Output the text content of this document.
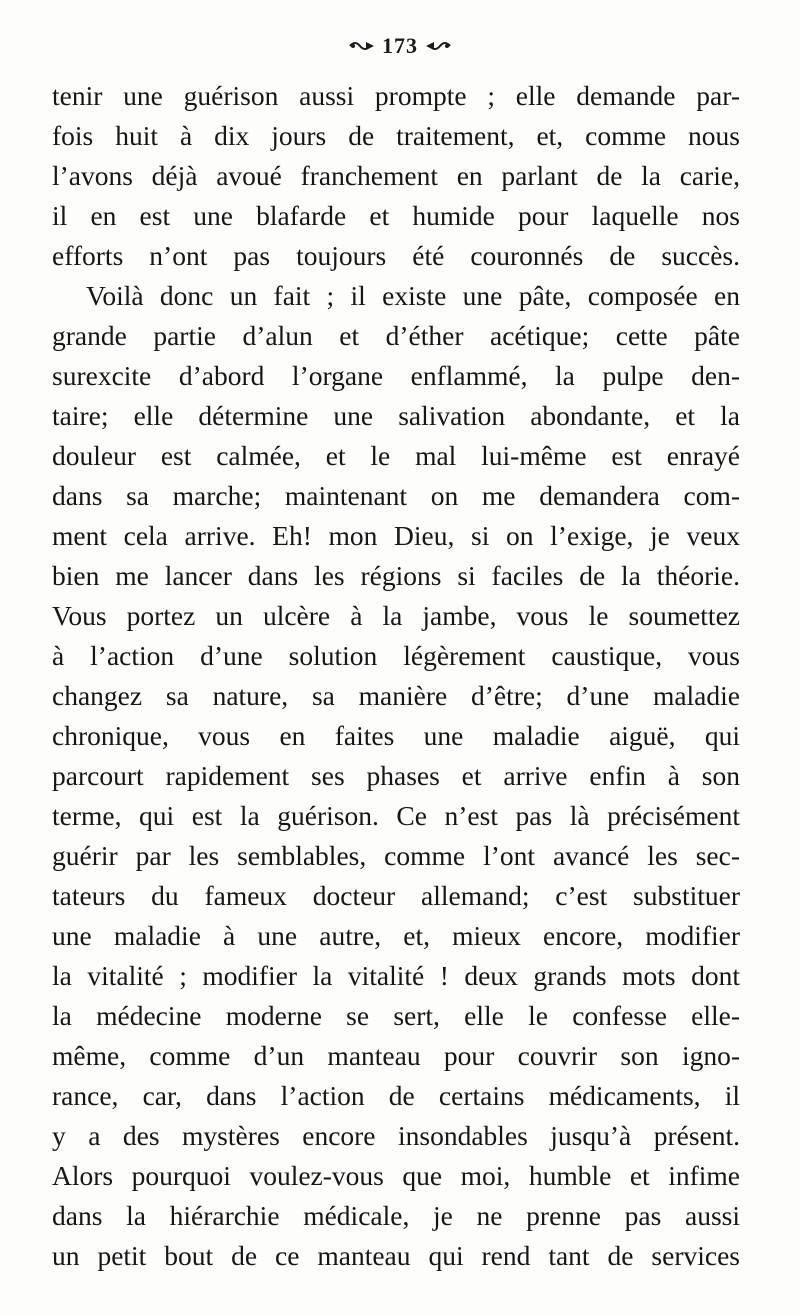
173
tenir une guérison aussi prompte ; elle demande par-
fois huit à dix jours de traitement, et, comme nous
l’avons déjà avoué franchement en parlant de la carie,
il en est une blafarde et humide pour laquelle nos
efforts n’ont pas toujours été couronnés de succès.
Voilà donc un fait ; il existe une pâte, composée en
grande partie d’alun et d’éther acétique; cette pâte
surexcite d’abord l’organe enflammé, la pulpe den-
taire; elle détermine une salivation abondante, et la
douleur est calmée, et le mal lui-même est enrayé
dans sa marche; maintenant on me demandera com-
ment cela arrive. Eh! mon Dieu, si on l’exige, je veux
bien me lancer dans les régions si faciles de la théorie.
Vous portez un ulcère à la jambe, vous le soumettez
à l’action d’une solution légèrement caustique, vous
changez sa nature, sa manière d’être; d’une maladie
chronique, vous en faites une maladie aiguë, qui
parcourt rapidement ses phases et arrive enfin à son
terme, qui est la guérison. Ce n’est pas là précisément
guérir par les semblables, comme l’ont avancé les sec-
tateurs du fameux docteur allemand; c’est substituer
une maladie à une autre, et, mieux encore, modifier
la vitalité ; modifier la vitalité ! deux grands mots dont
la médecine moderne se sert, elle le confesse elle-
même, comme d’un manteau pour couvrir son igno-
rance, car, dans l’action de certains médicaments, il
y a des mystères encore insondables jusqu’à présent.
Alors pourquoi voulez-vous que moi, humble et infime
dans la hiérarchie médicale, je ne prenne pas aussi
un petit bout de ce manteau qui rend tant de services
